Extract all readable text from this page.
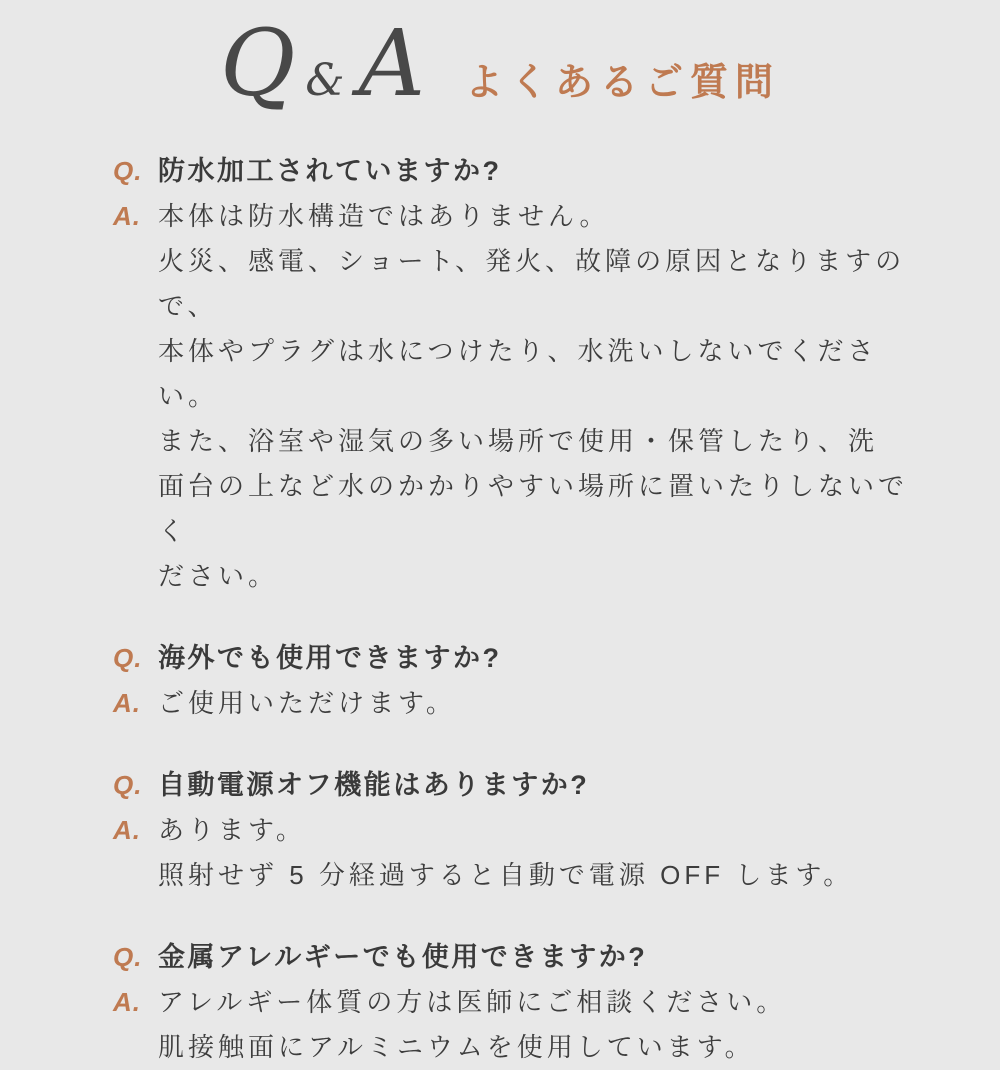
Q & A よくあるご質問
Q. 防水加工されていますか?
A. 本体は防水構造ではありません。
火災、感電、ショート、発火、故障の原因となりますので、
本体やプラグは水につけたり、水洗いしないでください。
また、浴室や湿気の多い場所で使用・保管したり、洗
面台の上など水のかかりやすい場所に置いたりしないでく
ださい。
Q. 海外でも使用できますか?
A. ご使用いただけます。
Q. 自動電源オフ機能はありますか?
A. あります。
照射せず 5 分経過すると自動で電源 OFF します。
Q. 金属アレルギーでも使用できますか?
A. アレルギー体質の方は医師にご相談ください。
肌接触面にアルミニウムを使用しています。
